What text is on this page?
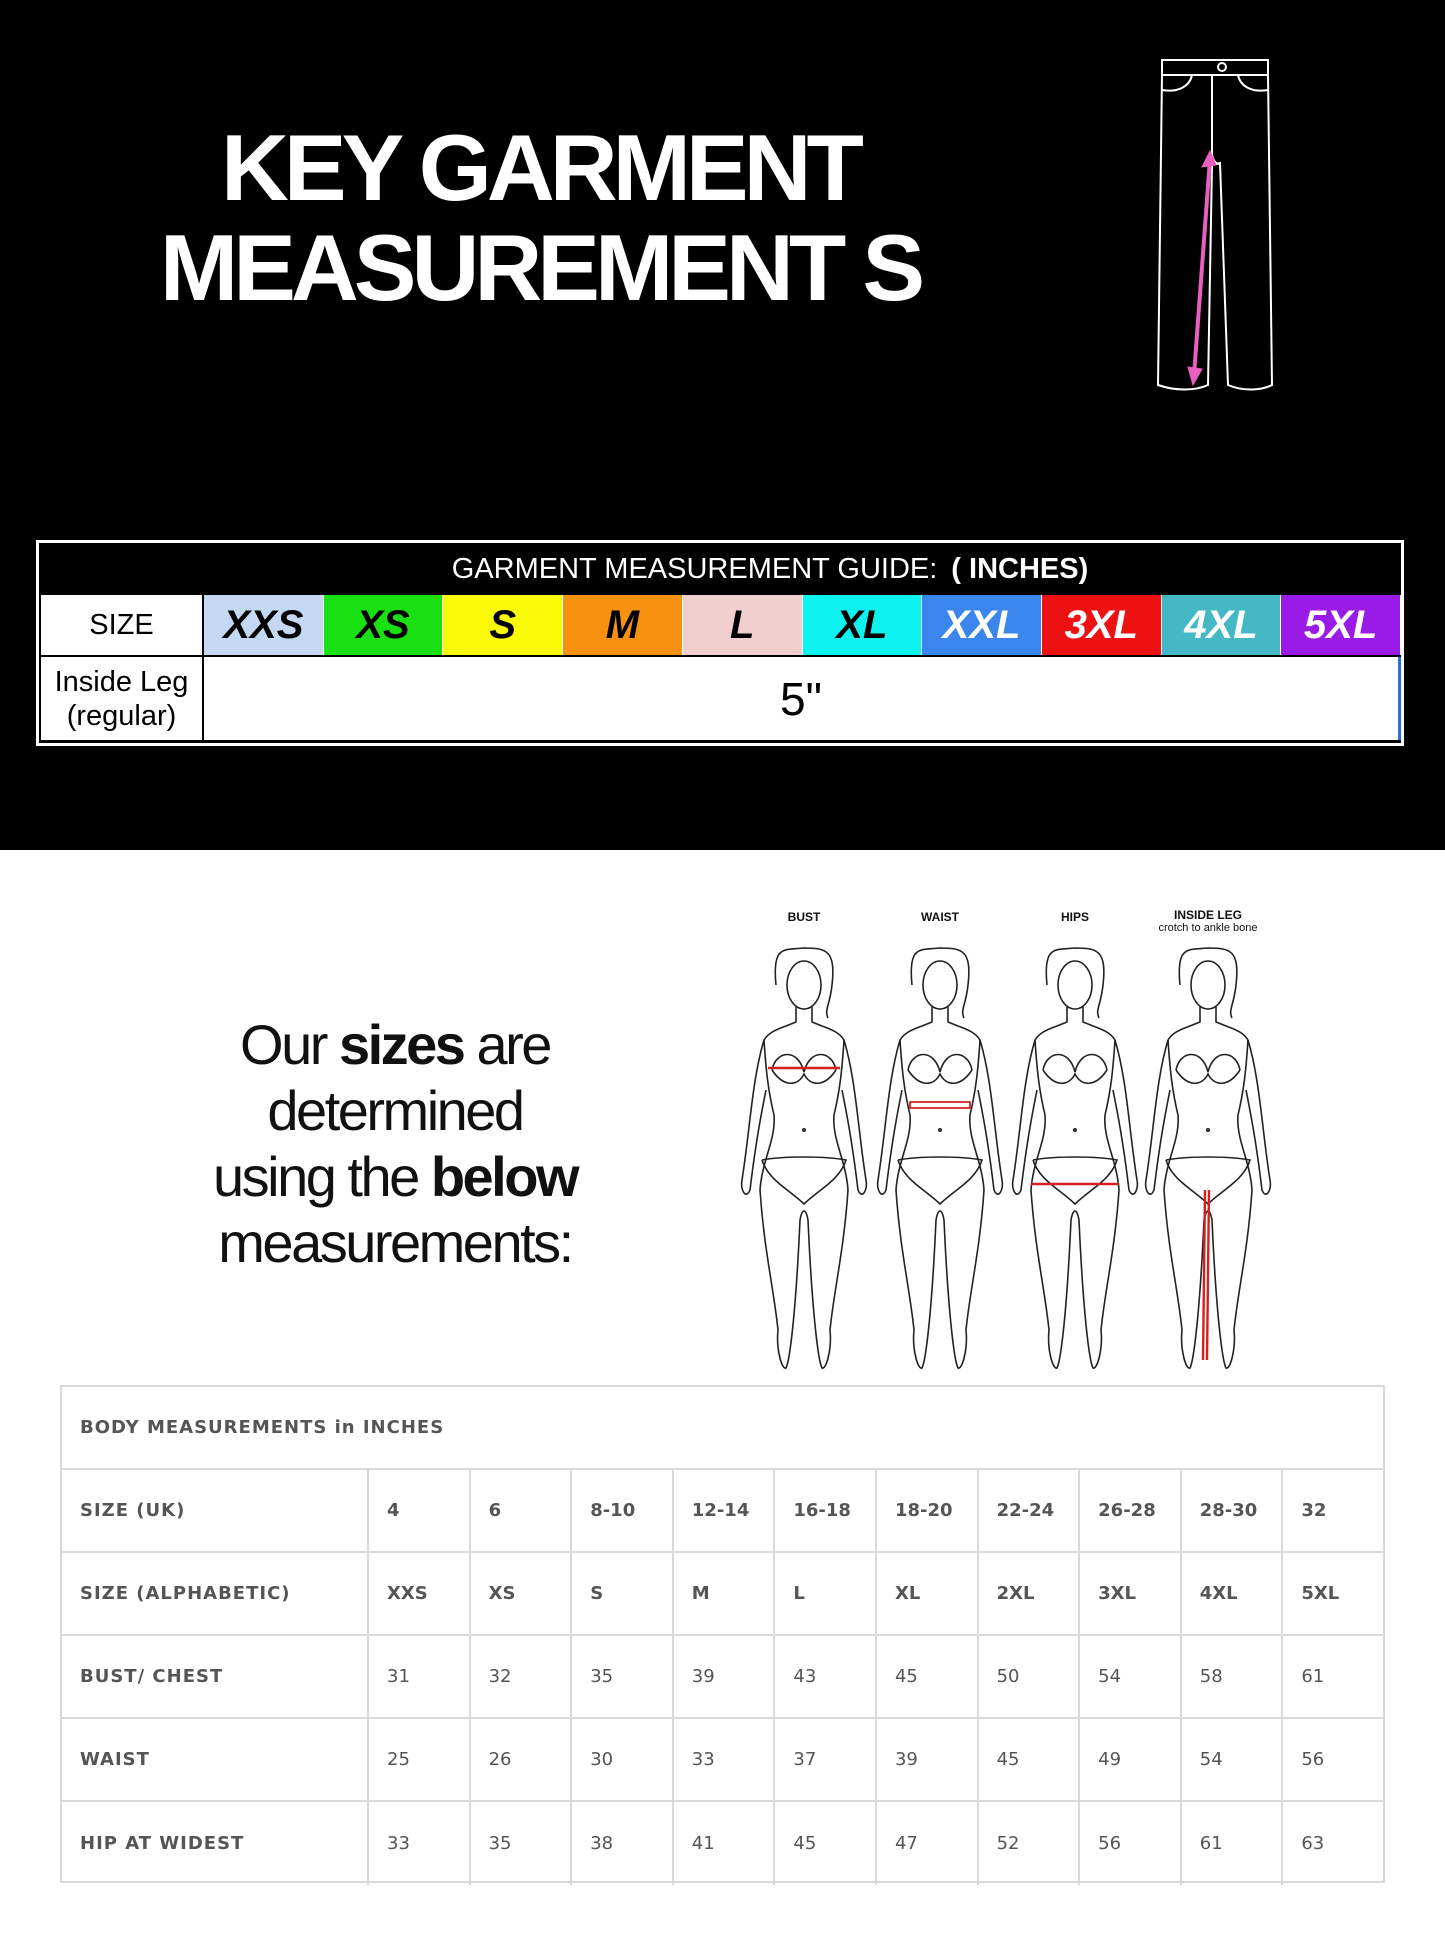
KEY GARMENT
MEASUREMENT S
GARMENT MEASUREMENT GUIDE: ( INCHES)
SIZE	XXS	XS	S	M	L	XL	XXL	3XL	4XL	5XL
Inside Leg
(regular)	5"
Our sizes are
determined
using the below
measurements:
BUST	WAIST	HIPS	INSIDE LEG
crotch to ankle bone
BODY MEASUREMENTS in INCHES
SIZE (UK)	4	6	8-10	12-14	16-18	18-20	22-24	26-28	28-30	32
SIZE (ALPHABETIC)	XXS	XS	S	M	L	XL	2XL	3XL	4XL	5XL
BUST/ CHEST	31	32	35	39	43	45	50	54	58	61
WAIST	25	26	30	33	37	39	45	49	54	56
HIP AT WIDEST	33	35	38	41	45	47	52	56	61	63
